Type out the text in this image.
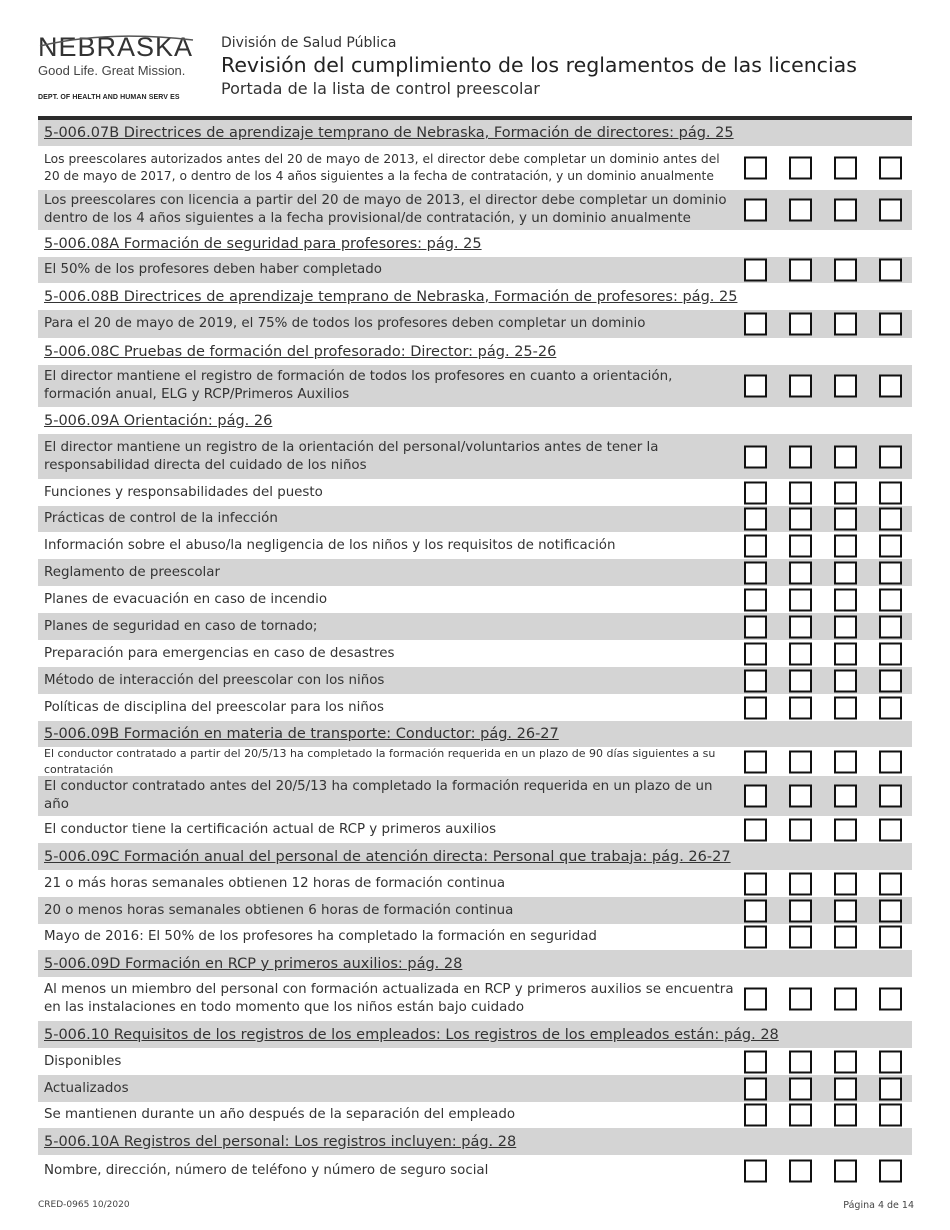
NEBRASKA
Good Life. Great Mission.
DEPT. OF HEALTH AND HUMAN SERV ES
División de Salud Pública
Revisión del cumplimiento de los reglamentos de las licencias
Portada de la lista de control preescolar
5-006.07B Directrices de aprendizaje temprano de Nebraska, Formación de directores: pág. 25
Los preescolares autorizados antes del 20 de mayo de 2013, el director debe completar un dominio antes del 20 de mayo de 2017, o dentro de los 4 años siguientes a la fecha de contratación, y un dominio anualmente
Los preescolares con licencia a partir del 20 de mayo de 2013, el director debe completar un dominio dentro de los 4 años siguientes a la fecha provisional/de contratación, y un dominio anualmente
5-006.08A Formación de seguridad para profesores: pág. 25
El 50% de los profesores deben haber completado
5-006.08B Directrices de aprendizaje temprano de Nebraska, Formación de profesores: pág. 25
Para el 20 de mayo de 2019, el 75% de todos los profesores deben completar un dominio
5-006.08C Pruebas de formación del profesorado: Director: pág. 25-26
El director mantiene el registro de formación de todos los profesores en cuanto a orientación, formación anual, ELG y RCP/Primeros Auxilios
5-006.09A Orientación: pág. 26
El director mantiene un registro de la orientación del personal/voluntarios antes de tener la responsabilidad directa del cuidado de los niños
Funciones y responsabilidades del puesto
Prácticas de control de la infección
Información sobre el abuso/la negligencia de los niños y los requisitos de notificación
Reglamento de preescolar
Planes de evacuación en caso de incendio
Planes de seguridad en caso de tornado;
Preparación para emergencias en caso de desastres
Método de interacción del preescolar con los niños
Políticas de disciplina del preescolar para los niños
5-006.09B Formación en materia de transporte: Conductor: pág. 26-27
El conductor contratado a partir del 20/5/13 ha completado la formación requerida en un plazo de 90 días siguientes a su contratación
El conductor contratado antes del 20/5/13 ha completado la formación requerida en un plazo de un año
El conductor tiene la certificación actual de RCP y primeros auxilios
5-006.09C Formación anual del personal de atención directa: Personal que trabaja: pág. 26-27
21 o más horas semanales obtienen 12 horas de formación continua
20 o menos horas semanales obtienen 6 horas de formación continua
Mayo de 2016: El 50% de los profesores ha completado la formación en seguridad
5-006.09D Formación en RCP y primeros auxilios: pág. 28
Al menos un miembro del personal con formación actualizada en RCP y primeros auxilios se encuentra en las instalaciones en todo momento que los niños están bajo cuidado
5-006.10 Requisitos de los registros de los empleados: Los registros de los empleados están: pág. 28
Disponibles
Actualizados
Se mantienen durante un año después de la separación del empleado
5-006.10A Registros del personal: Los registros incluyen: pág. 28
Nombre, dirección, número de teléfono y número de seguro social
CRED-0965 10/2020	Página 4 de 14
